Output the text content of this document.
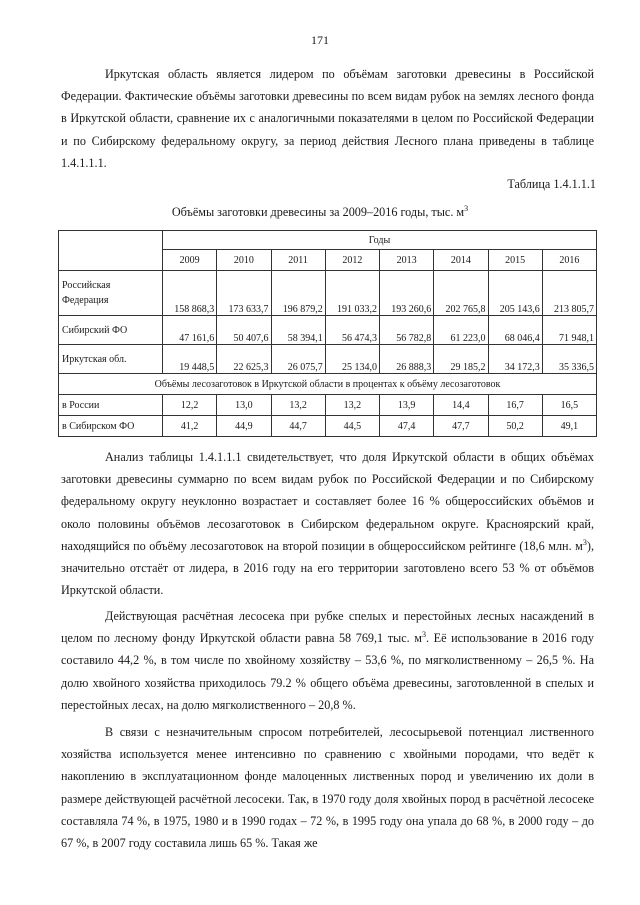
171

Иркутская область является лидером по объёмам заготовки древесины в Российской Федерации. Фактические объёмы заготовки древесины по всем видам рубок на землях лесного фонда в Иркутской области, сравнение их с аналогичными показателями в целом по Российской Федерации и по Сибирскому федеральному округу, за период действия Лесного плана приведены в таблице 1.4.1.1.1.

Таблица 1.4.1.1.1
Объёмы заготовки древесины за 2009–2016 годы, тыс. $м^3$
	Годы							
	2009	2010	2011	2012	2013	2014	2015	2016
Российская Федерация	158 868,3	173 633,7	196 879,2	191 033,2	193 260,6	202 765,8	205 143,6	213 805,7
Сибирский ФО	47 161,6	50 407,6	58 394,1	56 474,3	56 782,8	61 223,0	68 046,4	71 948,1
Иркутская обл.	19 448,5	22 625,3	26 075,7	25 134,0	26 888,3	29 185,2	34 172,3	35 336,5
Объёмы лесозаготовок в Иркутской области в процентах к объёму лесозаготовок								
в России	12,2	13,0	13,2	13,2	13,9	14,4	16,7	16,5
в Сибирском ФО	41,2	44,9	44,7	44,5	47,4	47,7	50,2	49,1

Анализ таблицы 1.4.1.1.1 свидетельствует, что доля Иркутской области в общих объёмах заготовки древесины суммарно по всем видам рубок по Российской Федерации и по Сибирскому федеральному округу неуклонно возрастает и составляет более 16 % общероссийских объёмов и около половины объёмов лесозаготовок в Сибирском федеральном округе. Красноярский край, находящийся по объёму лесозаготовок на второй позиции в общероссийском рейтинге (18,6 млн. $м^3$), значительно отстаёт от лидера, в 2016 году на его территории заготовлено всего 53 % от объёмов Иркутской области.

Действующая расчётная лесосека при рубке спелых и перестойных лесных насаждений в целом по лесному фонду Иркутской области равна 58 769,1 тыс. $м^3$. Её использование в 2016 году составило 44,2 %, в том числе по хвойному хозяйству – 53,6 %, по мягколиственному – 26,5 %. На долю хвойного хозяйства приходилось 79.2 % общего объёма древесины, заготовленной в спелых и перестойных лесах, на долю мягколиственного – 20,8 %.

В связи с незначительным спросом потребителей, лесосырьевой потенциал лиственного хозяйства используется менее интенсивно по сравнению с хвойными породами, что ведёт к накоплению в эксплуатационном фонде малоценных лиственных пород и увеличению их доли в размере действующей расчётной лесосеки. Так, в 1970 году доля хвойных пород в расчётной лесосеке составляла 74 %, в 1975, 1980 и в 1990 годах – 72 %, в 1995 году она упала до 68 %, в 2000 году – до 67 %, в 2007 году составила лишь 65 %. Такая же
